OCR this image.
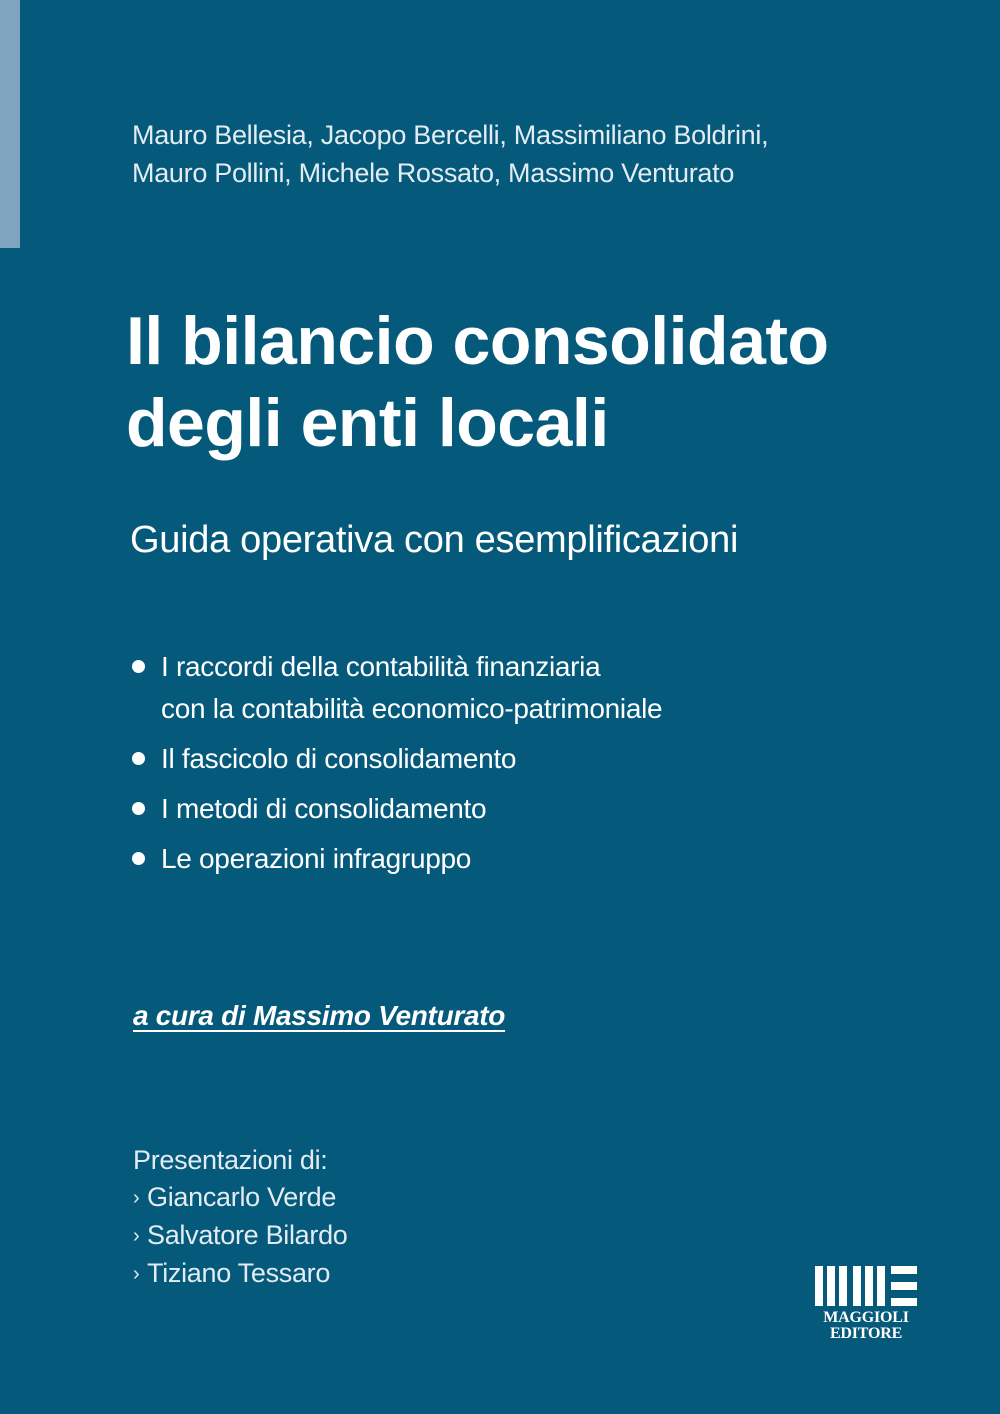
Mauro Bellesia, Jacopo Bercelli, Massimiliano Boldrini,
Mauro Pollini, Michele Rossato, Massimo Venturato
Il bilancio consolidato
degli enti locali
Guida operativa con esemplificazioni
I raccordi della contabilità finanziaria
con la contabilità economico-patrimoniale
Il fascicolo di consolidamento
I metodi di consolidamento
Le operazioni infragruppo
a cura di Massimo Venturato
Presentazioni di:
› Giancarlo Verde
› Salvatore Bilardo
› Tiziano Tessaro
MAGGIOLI
EDITORE
